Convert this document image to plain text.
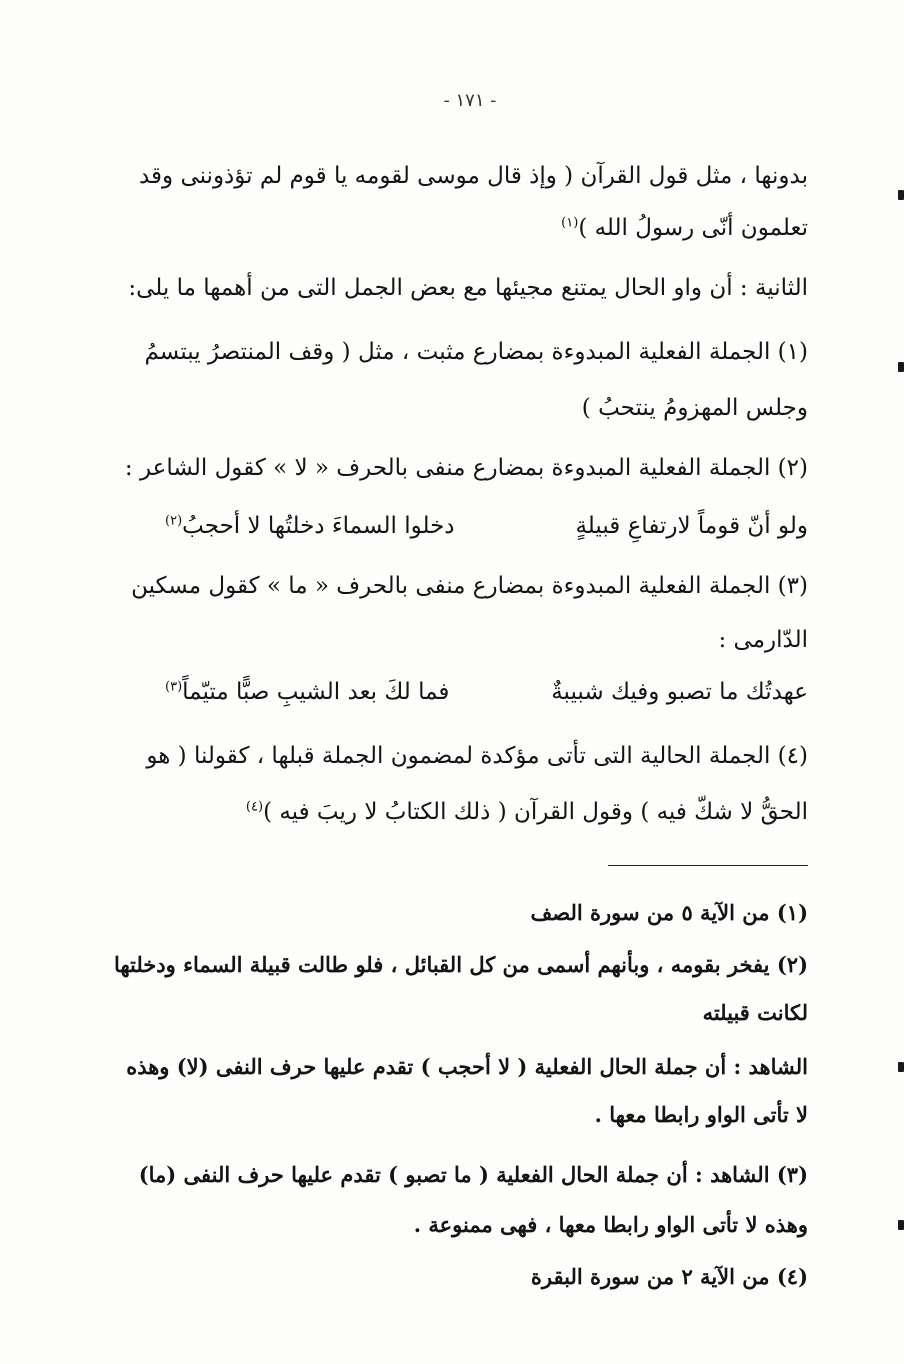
- ١٧١ -
بدونها ، مثل قول القرآن ( وإذ قال موسى لقومه يا قوم لم تؤذوننى وقد
تعلمون أنّى رسولُ الله )$^{(١)}$
الثانية : أن واو الحال يمتنع مجيئها مع بعض الجمل التى من أهمها ما يلى:
(١) الجملة الفعلية المبدوءة بمضارع مثبت ، مثل ( وقف المنتصرُ يبتسمُ
وجلس المهزومُ ينتحبُ )
(٢) الجملة الفعلية المبدوءة بمضارع منفى بالحرف « لا » كقول الشاعر :
ولو أنّ قوماً لارتفاعِ قبيلةٍ
دخلوا السماءَ دخلتُها لا أحجبُ$^{(٢)}$
(٣) الجملة الفعلية المبدوءة بمضارع منفى بالحرف « ما » كقول مسكين
الدّارمى :
عهدتُك ما تصبو وفيك شبيبةٌ
فما لكَ بعد الشيبِ صبًّا متيّماً$^{(٣)}$
(٤) الجملة الحالية التى تأتى مؤكدة لمضمون الجملة قبلها ، كقولنا ( هو
الحقُّ لا شكّ فيه ) وقول القرآن ( ذلك الكتابُ لا ريبَ فيه )$^{(٤)}$
(١) من الآية ٥ من سورة الصف
(٢) يفخر بقومه ، وبأنهم أسمى من كل القبائل ، فلو طالت قبيلة السماء ودخلتها
لكانت قبيلته
الشاهد : أن جملة الحال الفعلية ( لا أحجب ) تقدم عليها حرف النفى (لا) وهذه
لا تأتى الواو رابطا معها .
(٣) الشاهد : أن جملة الحال الفعلية ( ما تصبو ) تقدم عليها حرف النفى (ما)
وهذه لا تأتى الواو رابطا معها ، فهى ممنوعة .
(٤) من الآية ٢ من سورة البقرة
